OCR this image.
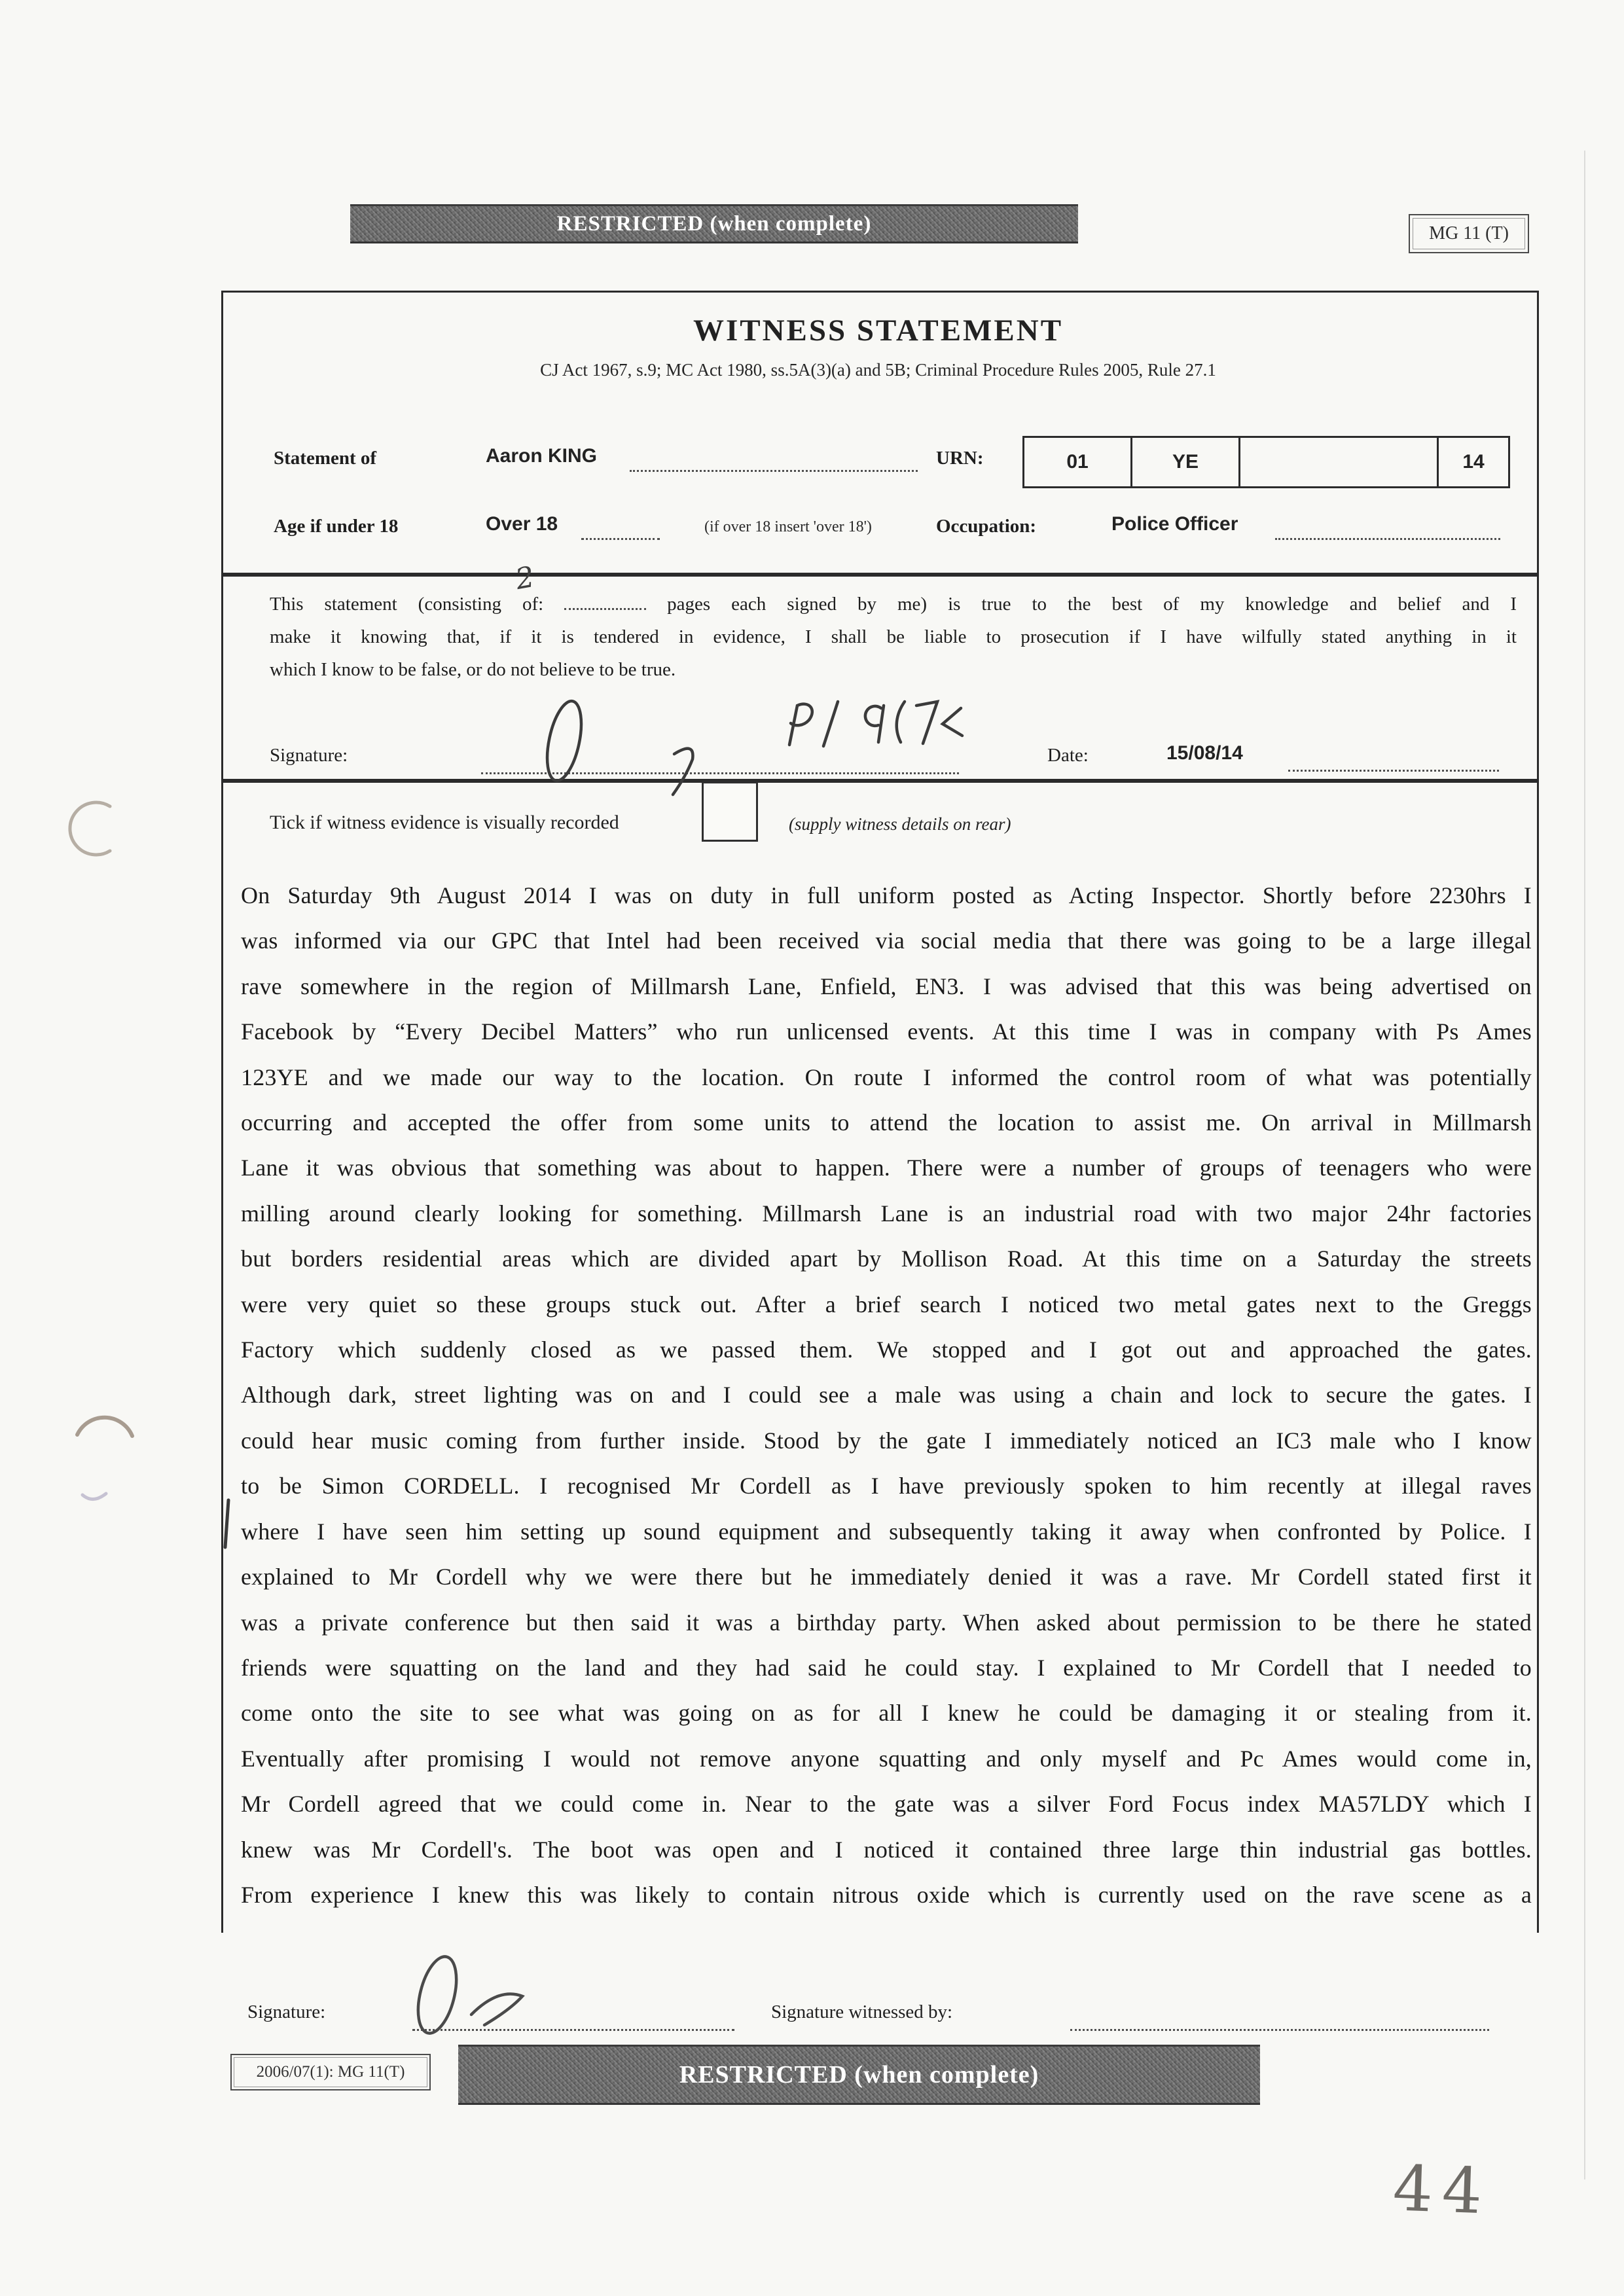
RESTRICTED (when complete)	MG 11 (T)
WITNESS STATEMENT
CJ Act 1967, s.9; MC Act 1980, ss.5A(3)(a) and 5B; Criminal Procedure Rules 2005, Rule 27.1
Statement of	Aaron KING	URN:	01	YE	14
Age if under 18	Over 18	(if over 18 insert 'over 18')	Occupation:	Police Officer
This statement (consisting of:	pages each signed by me) is true to the best of my knowledge and belief and I
make it knowing that, if it is tendered in evidence, I shall be liable to prosecution if I have wilfully stated anything in it
which I know to be false, or do not believe to be true.
2
Signature:	Date:	15/08/14
Tick if witness evidence is visually recorded	(supply witness details on rear)
On Saturday 9th August 2014 I was on duty in full uniform posted as Acting Inspector. Shortly before 2230hrs I
was informed via our GPC that Intel had been received via social media that there was going to be a large illegal
rave somewhere in the region of Millmarsh Lane, Enfield, EN3. I was advised that this was being advertised on
Facebook by “Every Decibel Matters” who run unlicensed events. At this time I was in company with Ps Ames
123YE and we made our way to the location. On route I informed the control room of what was potentially
occurring and accepted the offer from some units to attend the location to assist me. On arrival in Millmarsh
Lane it was obvious that something was about to happen. There were a number of groups of teenagers who were
milling around clearly looking for something. Millmarsh Lane is an industrial road with two major 24hr factories
but borders residential areas which are divided apart by Mollison Road. At this time on a Saturday the streets
were very quiet so these groups stuck out. After a brief search I noticed two metal gates next to the Greggs
Factory which suddenly closed as we passed them. We stopped and I got out and approached the gates.
Although dark, street lighting was on and I could see a male was using a chain and lock to secure the gates. I
could hear music coming from further inside. Stood by the gate I immediately noticed an IC3 male who I know
to be Simon CORDELL. I recognised Mr Cordell as I have previously spoken to him recently at illegal raves
where I have seen him setting up sound equipment and subsequently taking it away when confronted by Police. I
explained to Mr Cordell why we were there but he immediately denied it was a rave. Mr Cordell stated first it
was a private conference but then said it was a birthday party. When asked about permission to be there he stated
friends were squatting on the land and they had said he could stay. I explained to Mr Cordell that I needed to
come onto the site to see what was going on as for all I knew he could be damaging it or stealing from it.
Eventually after promising I would not remove anyone squatting and only myself and Pc Ames would come in,
Mr Cordell agreed that we could come in. Near to the gate was a silver Ford Focus index MA57LDY which I
knew was Mr Cordell's. The boot was open and I noticed it contained three large thin industrial gas bottles.
From experience I knew this was likely to contain nitrous oxide which is currently used on the rave scene as a
Signature:	Signature witnessed by:
2006/07(1): MG 11(T)	RESTRICTED (when complete)
44
